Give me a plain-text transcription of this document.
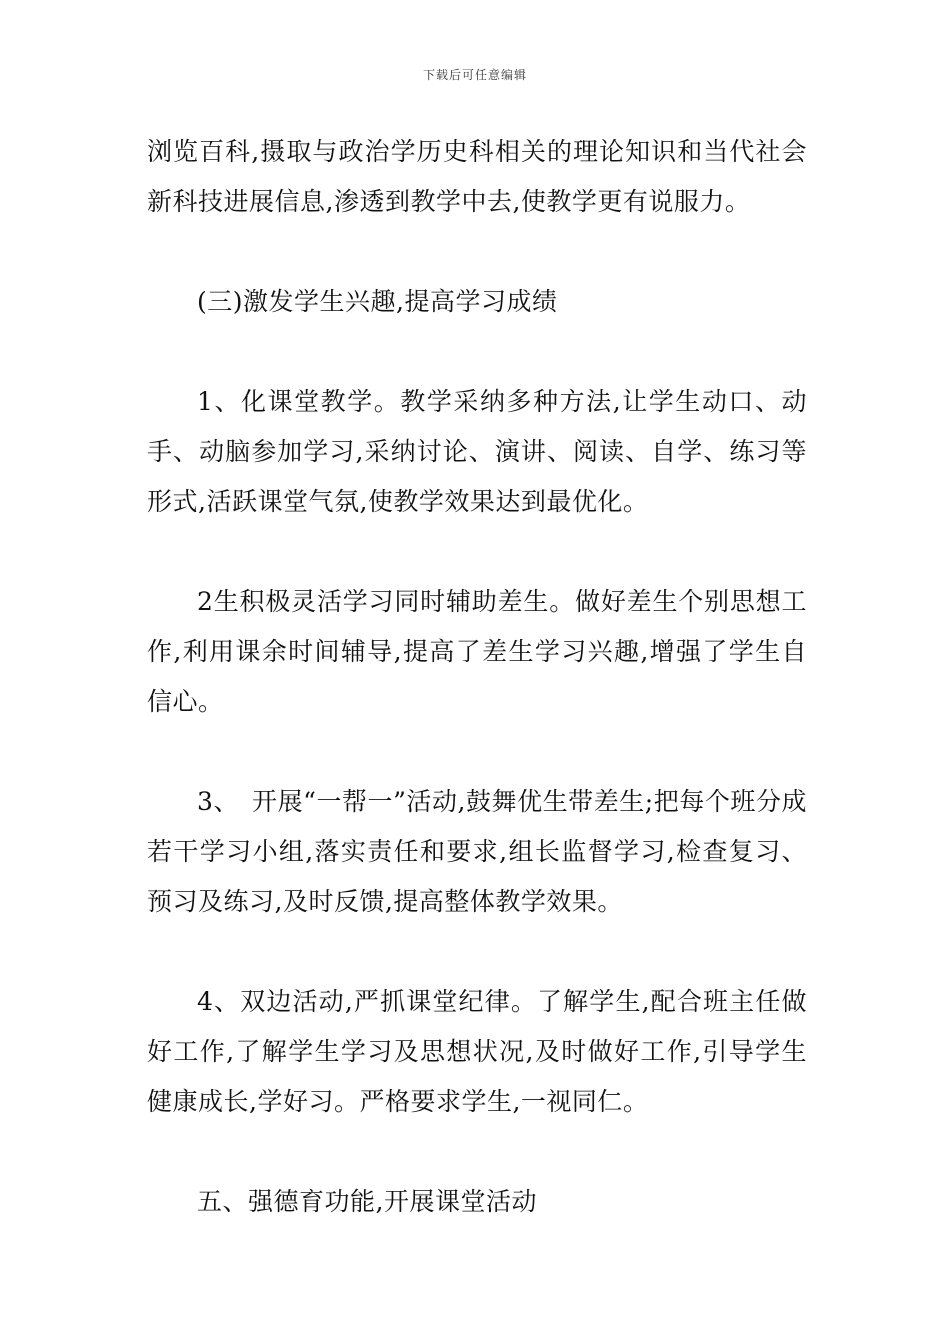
下载后可任意编辑

浏览百科,摄取与政治学历史科相关的理论知识和当代社会新科技进展信息,渗透到教学中去,使教学更有说服力。

(三)激发学生兴趣,提高学习成绩

1、化课堂教学。教学采纳多种方法,让学生动口、动手、动脑参加学习,采纳讨论、演讲、阅读、自学、练习等形式,活跃课堂气氛,使教学效果达到最优化。

2生积极灵活学习同时辅助差生。做好差生个别思想工作,利用课余时间辅导,提高了差生学习兴趣,增强了学生自信心。

3、　开展“一帮一”活动,鼓舞优生带差生;把每个班分成若干学习小组,落实责任和要求,组长监督学习,检查复习、预习及练习,及时反馈,提高整体教学效果。

4、双边活动,严抓课堂纪律。了解学生,配合班主任做好工作,了解学生学习及思想状况,及时做好工作,引导学生健康成长,学好习。严格要求学生,一视同仁。

五、强德育功能,开展课堂活动
